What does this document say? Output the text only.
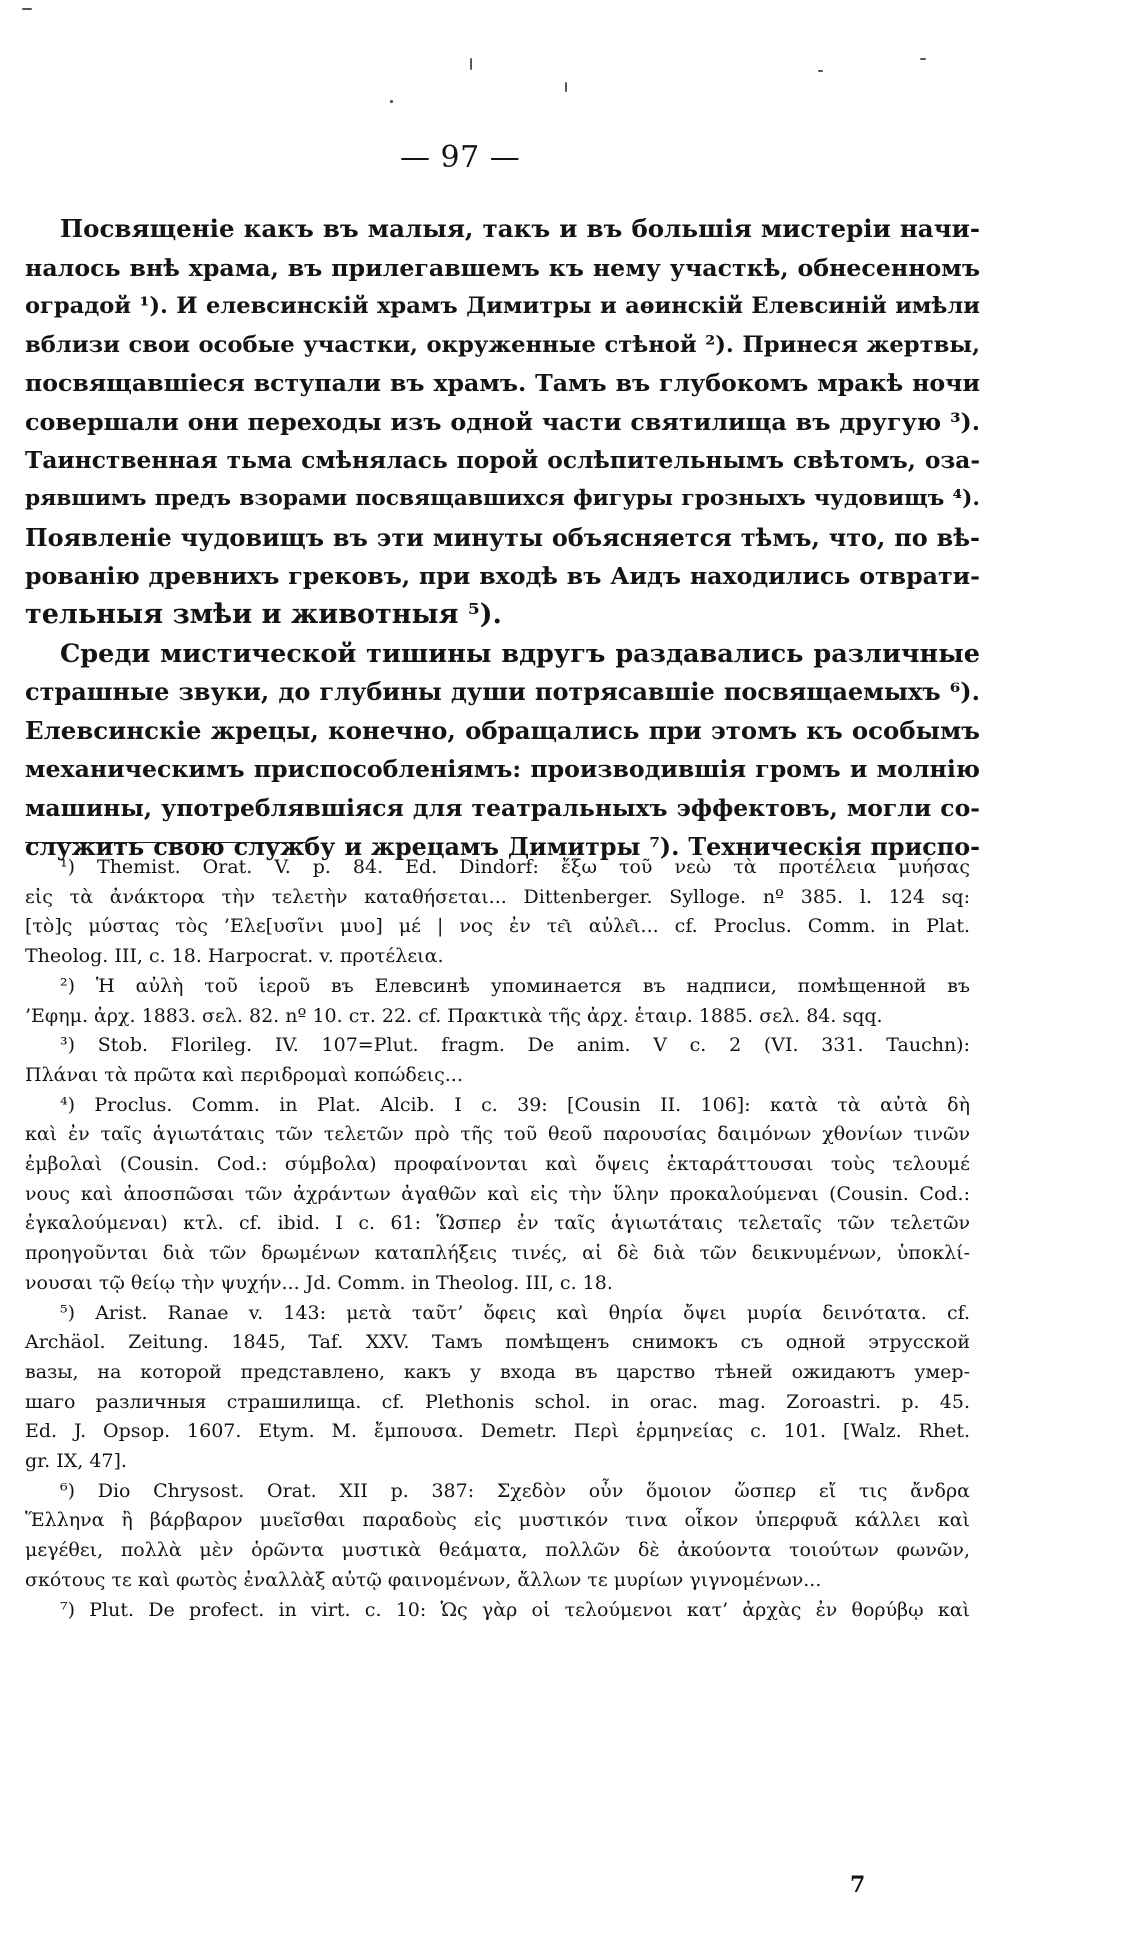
— 97 —
Посвященіе какъ въ малыя, такъ и въ большія мистеріи начи-
налось внѣ храма, въ прилегавшемъ къ нему участкѣ, обнесенномъ
оградой ¹). И елевсинскій храмъ Димитры и аѳинскій Елевсиній имѣли
вблизи свои особые участки, окруженные стѣной ²). Принеся жертвы,
посвящавшіеся вступали въ храмъ. Тамъ въ глубокомъ мракѣ ночи
совершали они переходы изъ одной части святилища въ другую ³).
Таинственная тьма смѣнялась порой ослѣпительнымъ свѣтомъ, оза-
рявшимъ предъ взорами посвящавшихся фигуры грозныхъ чудовищъ ⁴).
Появленіе чудовищъ въ эти минуты объясняется тѣмъ, что, по вѣ-
рованію древнихъ грековъ, при входѣ въ Аидъ находились отврати-
тельныя змѣи и животныя ⁵).
Среди мистической тишины вдругъ раздавались различные
страшные звуки, до глубины души потрясавшіе посвящаемыхъ ⁶).
Елевсинскіе жрецы, конечно, обращались при этомъ къ особымъ
механическимъ приспособленіямъ: производившія громъ и молнію
машины, употреблявшіяся для театральныхъ эффектовъ, могли со-
служить свою службу и жрецамъ Димитры ⁷). Техническія приспо-
¹) Themist. Orat. V. p. 84. Ed. Dindorf: ἔξω τοῦ νεὼ τὰ προτέλεια μυήσας
εἰς τὰ ἀνάκτορα τὴν τελετὴν καταθήσεται... Dittenberger. Sylloge. nº 385. l. 124 sq:
[τὸ]ς μύστας τὸς ’Ελε[υσῖνι μυο] μέ | νος ἐν τε͂ι αὐλε͂ι... cf. Proclus. Comm. in Plat.
Theolog. III, c. 18. Harpocrat. v. προτέλεια.
²) Ἡ αὐλὴ τοῦ ἱεροῦ въ Елевсинѣ упоминается въ надписи, помѣщенной въ
’Εφημ. ἀρχ. 1883. σελ. 82. nº 10. ст. 22. cf. Πρακτικὰ τῆς ἀρχ. ἑταιρ. 1885. σελ. 84. sqq.
³) Stob. Florileg. IV. 107=Plut. fragm. De anim. V c. 2 (VI. 331. Tauchn):
Πλάναι τὰ πρῶτα καὶ περιδρομαὶ κοπώδεις...
⁴) Proclus. Comm. in Plat. Alcib. I c. 39: [Cousin II. 106]: κατὰ τὰ αὐτὰ δὴ
καὶ ἐν ταῖς ἁγιωτάταις τῶν τελετῶν πρὸ τῆς τοῦ θεοῦ παρουσίας δαιμόνων χθονίων τινῶν
ἐμβολαὶ (Cousin. Cod.: σύμβολα) προφαίνονται καὶ ὄψεις ἐκταράττουσαι τοὺς τελουμέ
νους καὶ ἀποσπῶσαι τῶν ἀχράντων ἀγαθῶν καὶ εἰς τὴν ὕλην προκαλούμεναι (Cousin. Cod.:
ἐγκαλούμεναι) κτλ. cf. ibid. I c. 61: Ὥσπερ ἐν ταῖς ἁγιωτάταις τελεταῖς τῶν τελετῶν
προηγοῦνται διὰ τῶν δρωμένων καταπλήξεις τινές, αἱ δὲ διὰ τῶν δεικνυμένων, ὑποκλί-
νουσαι τῷ θείῳ τὴν ψυχήν... Jd. Comm. in Theolog. III, c. 18.
⁵) Arist. Ranae v. 143: μετὰ ταῦτ’ ὄφεις καὶ θηρία ὄψει μυρία δεινότατα. cf.
Archäol. Zeitung. 1845, Taf. XXV. Тамъ помѣщенъ снимокъ съ одной этрусской
вазы, на которой представлено, какъ у входа въ царство тѣней ожидаютъ умер-
шаго различныя страшилища. cf. Plethonis schol. in orac. mag. Zoroastri. p. 45.
Ed. J. Opsop. 1607. Etym. M. ἔμπουσα. Demetr. Περὶ ἑρμηνείας c. 101. [Walz. Rhet.
gr. IX, 47].
⁶) Dio Chrysost. Orat. XII p. 387: Σχεδὸν οὖν ὅμοιον ὥσπερ εἴ τις ἄνδρα
Ἕλληνα ἢ βάρβαρον μυεῖσθαι παραδοὺς εἰς μυστικόν τινα οἶκον ὑπερφυᾶ κάλλει καὶ
μεγέθει, πολλὰ μὲν ὁρῶντα μυστικὰ θεάματα, πολλῶν δὲ ἀκούοντα τοιούτων φωνῶν,
σκότους τε καὶ φωτὸς ἐναλλὰξ αὐτῷ φαινομένων, ἄλλων τε μυρίων γιγνομένων...
⁷) Plut. De profect. in virt. c. 10: Ὡς γὰρ οἱ τελούμενοι κατ’ ἀρχὰς ἐν θορύβῳ καὶ
7
